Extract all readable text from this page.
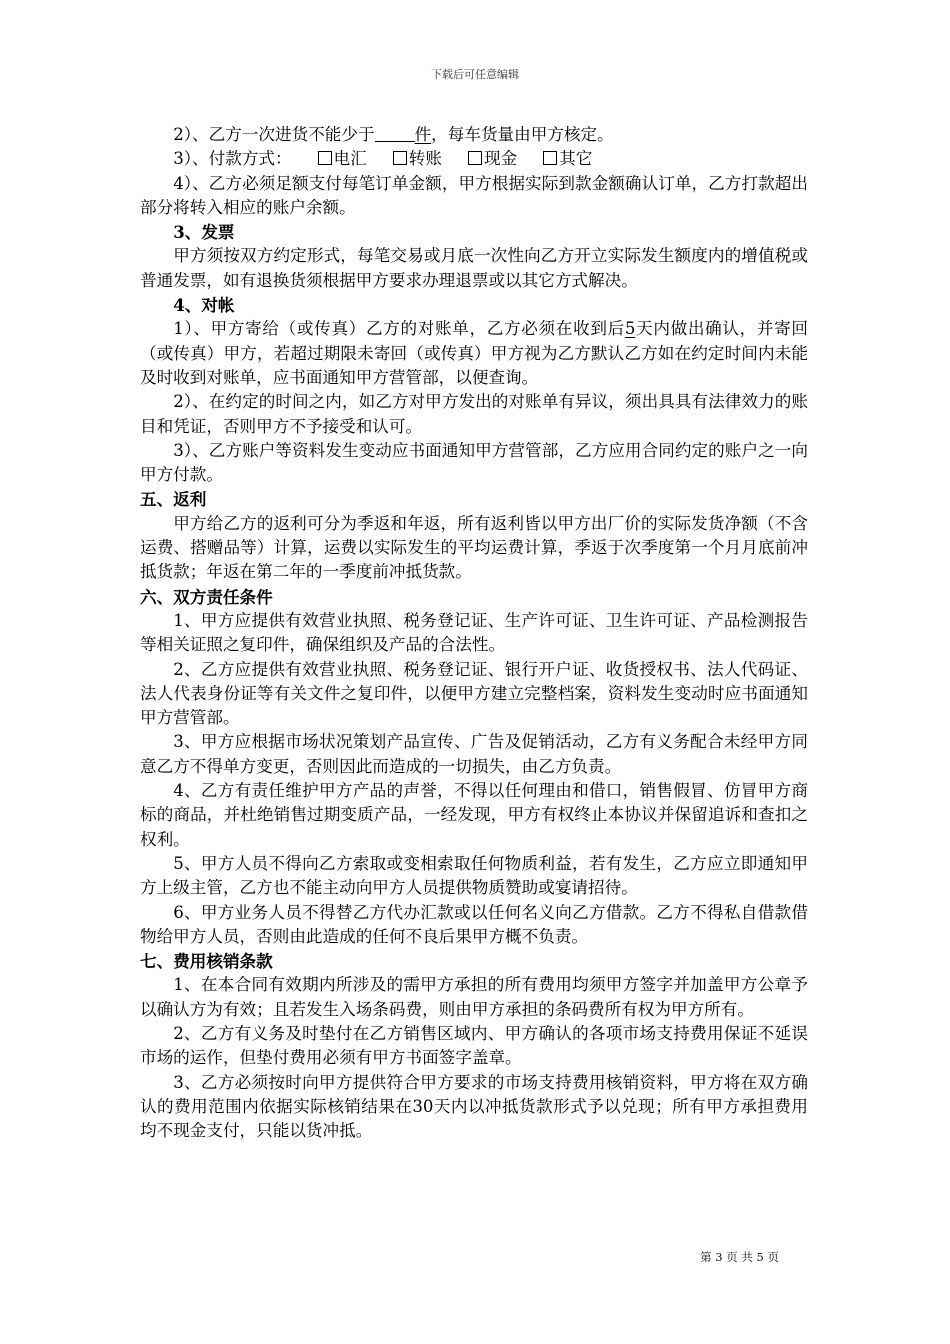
下载后可任意编辑

2）、乙方一次进货不能少于 件，每车货量由甲方核定。

3）、付款方式：	电汇	转账	现金	其它

4）、乙方必须足额支付每笔订单金额，甲方根据实际到款金额确认订单，乙方打款超出部分将转入相应的账户余额。

3、发票

甲方须按双方约定形式，每笔交易或月底一次性向乙方开立实际发生额度内的增值税或普通发票，如有退换货须根据甲方要求办理退票或以其它方式解决。

4、对帐

1）、甲方寄给（或传真）乙方的对账单，乙方必须在收到后5天内做出确认，并寄回（或传真）甲方，若超过期限未寄回（或传真）甲方视为乙方默认乙方如在约定时间内未能及时收到对账单，应书面通知甲方营管部，以便查询。

2）、在约定的时间之内，如乙方对甲方发出的对账单有异议，须出具具有法律效力的账目和凭证，否则甲方不予接受和认可。

3）、乙方账户等资料发生变动应书面通知甲方营管部，乙方应用合同约定的账户之一向甲方付款。

五、返利

甲方给乙方的返利可分为季返和年返，所有返利皆以甲方出厂价的实际发货净额（不含运费、搭赠品等）计算，运费以实际发生的平均运费计算，季返于次季度第一个月月底前冲抵货款；年返在第二年的一季度前冲抵货款。

六、双方责任条件

1、甲方应提供有效营业执照、税务登记证、生产许可证、卫生许可证、产品检测报告等相关证照之复印件，确保组织及产品的合法性。

2、乙方应提供有效营业执照、税务登记证、银行开户证、收货授权书、法人代码证、法人代表身份证等有关文件之复印件，以便甲方建立完整档案，资料发生变动时应书面通知甲方营管部。

3、甲方应根据市场状况策划产品宣传、广告及促销活动，乙方有义务配合未经甲方同意乙方不得单方变更，否则因此而造成的一切损失，由乙方负责。

4、乙方有责任维护甲方产品的声誉，不得以任何理由和借口，销售假冒、仿冒甲方商标的商品，并杜绝销售过期变质产品，一经发现，甲方有权终止本协议并保留追诉和查扣之权利。

5、甲方人员不得向乙方索取或变相索取任何物质利益，若有发生，乙方应立即通知甲方上级主管，乙方也不能主动向甲方人员提供物质赞助或宴请招待。

6、甲方业务人员不得替乙方代办汇款或以任何名义向乙方借款。乙方不得私自借款借物给甲方人员，否则由此造成的任何不良后果甲方概不负责。

七、费用核销条款

1、在本合同有效期内所涉及的需甲方承担的所有费用均须甲方签字并加盖甲方公章予以确认方为有效；且若发生入场条码费，则由甲方承担的条码费所有权为甲方所有。

2、乙方有义务及时垫付在乙方销售区域内、甲方确认的各项市场支持费用保证不延误市场的运作，但垫付费用必须有甲方书面签字盖章。

3、乙方必须按时向甲方提供符合甲方要求的市场支持费用核销资料，甲方将在双方确认的费用范围内依据实际核销结果在30天内以冲抵货款形式予以兑现；所有甲方承担费用均不现金支付，只能以货冲抵。

第 3 页 共 5 页
